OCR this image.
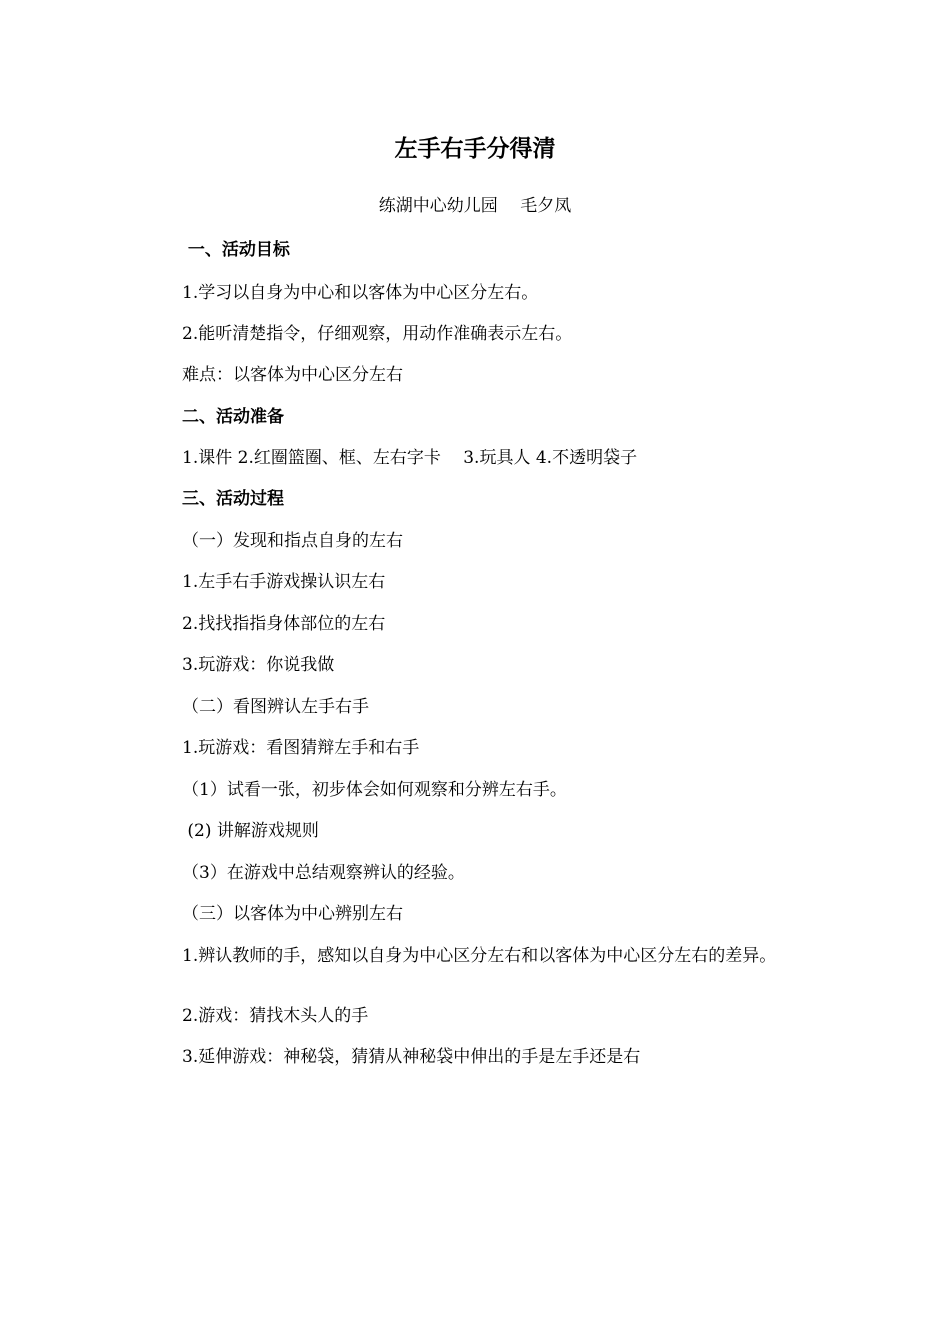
左手右手分得清
练湖中心幼儿园　 毛夕凤
一、活动目标
1.学习以自身为中心和以客体为中心区分左右。
2.能听清楚指令，仔细观察，用动作准确表示左右。
难点：以客体为中心区分左右
二、活动准备
1.课件 2.红圈篮圈、框、左右字卡　 3.玩具人 4.不透明袋子
三、活动过程
（一）发现和指点自身的左右
1.左手右手游戏操认识左右
2.找找指指身体部位的左右
3.玩游戏：你说我做
（二）看图辨认左手右手
1.玩游戏：看图猜辩左手和右手
（1）试看一张，初步体会如何观察和分辨左右手。
(2) 讲解游戏规则
（3）在游戏中总结观察辨认的经验。
（三）以客体为中心辨别左右
1.辨认教师的手，感知以自身为中心区分左右和以客体为中心区分左右的差异。
2.游戏：猜找木头人的手
3.延伸游戏：神秘袋，猜猜从神秘袋中伸出的手是左手还是右
